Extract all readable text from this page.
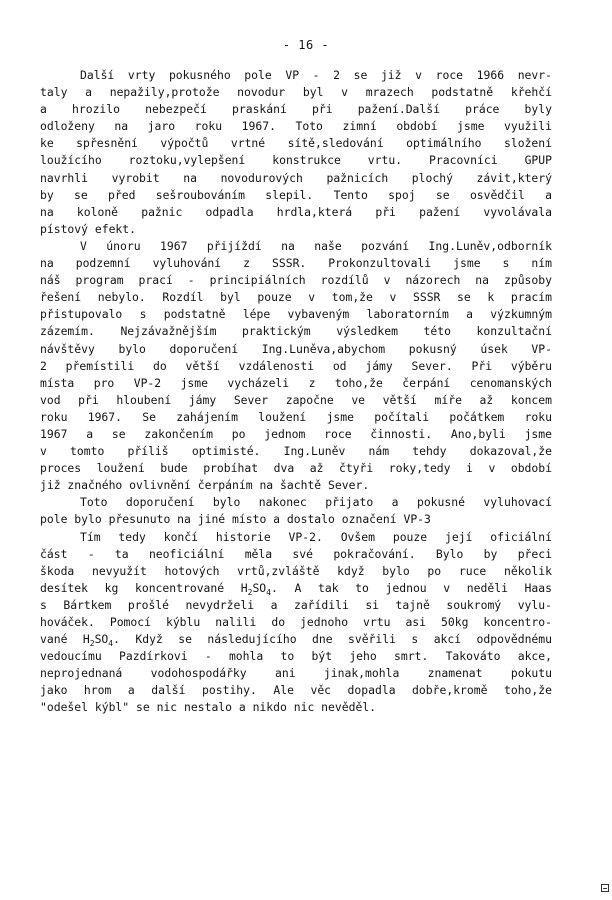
- 16 -
Další vrty pokusného pole VP - 2 se již v roce 1966 nevr-
taly a nepažily,protože novodur byl v mrazech podstatně křehčí
a hrozilo nebezpečí praskání při pažení.Další práce byly
odloženy na jaro roku 1967. Toto zimní období jsme využili
ke spřesnění výpočtů vrtné sítě,sledování optimálního složení
loužícího roztoku,vylepšení konstrukce vrtu. Pracovníci GPUP
navrhli vyrobit na novodurových pažnicích plochý závit,který
by se před sešroubováním slepil. Tento spoj se osvědčil a
na koloně pažnic odpadla hrdla,která při pažení vyvolávala
pístový efekt.
V únoru 1967 přijíždí na naše pozvání Ing.Luněv,odborník
na podzemní vyluhování z SSSR. Prokonzultovali jsme s ním
náš program prací - principiálních rozdílů v názorech na způsoby
řešení nebylo. Rozdíl byl pouze v tom,že v SSSR se k pracím
přistupovalo s podstatně lépe vybaveným laboratorním a výzkumným
zázemím. Nejzávažnějším praktickým výsledkem této konzultační
návštěvy bylo doporučení Ing.Luněva,abychom pokusný úsek VP-
2 přemístili do větší vzdálenosti od jámy Sever. Při výběru
místa pro VP-2 jsme vycházeli z toho,že čerpání cenomanských
vod při hloubení jámy Sever započne ve větší míře až koncem
roku 1967. Se zahájením loužení jsme počítali počátkem roku
1967 a se zakončením po jednom roce činnosti. Ano,byli jsme
v tomto příliš optimisté. Ing.Luněv nám tehdy dokazoval,že
proces loužení bude probíhat dva až čtyři roky,tedy i v období
již značného ovlivnění čerpáním na šachtě Sever.
Toto doporučení bylo nakonec přijato a pokusné vyluhovací
pole bylo přesunuto na jiné místo a dostalo označení VP-3
Tím tedy končí historie VP-2. Ovšem pouze její oficiální
část - ta neoficiální měla své pokračování. Bylo by přeci
škoda nevyužít hotových vrtů,zvláště když bylo po ruce několik
desítek kg koncentrované $H_2SO_4$. A tak to jednou v neděli Haas
s Bártkem prošlé nevydrželi a zařídili si tajně soukromý vylu-
hováček. Pomocí kýblu nalili do jednoho vrtu asi 50kg koncentro-
vané $H_2SO_4$. Když se následujícího dne svěřili s akcí odpovědnému
vedoucímu Pazdírkovi - mohla to být jeho smrt. Takováto akce,
neprojednaná vodohospodářky ani jinak,mohla znamenat pokutu
jako hrom a další postihy. Ale věc dopadla dobře,kromě toho,že
"odešel kýbl" se nic nestalo a nikdo nic nevěděl.
